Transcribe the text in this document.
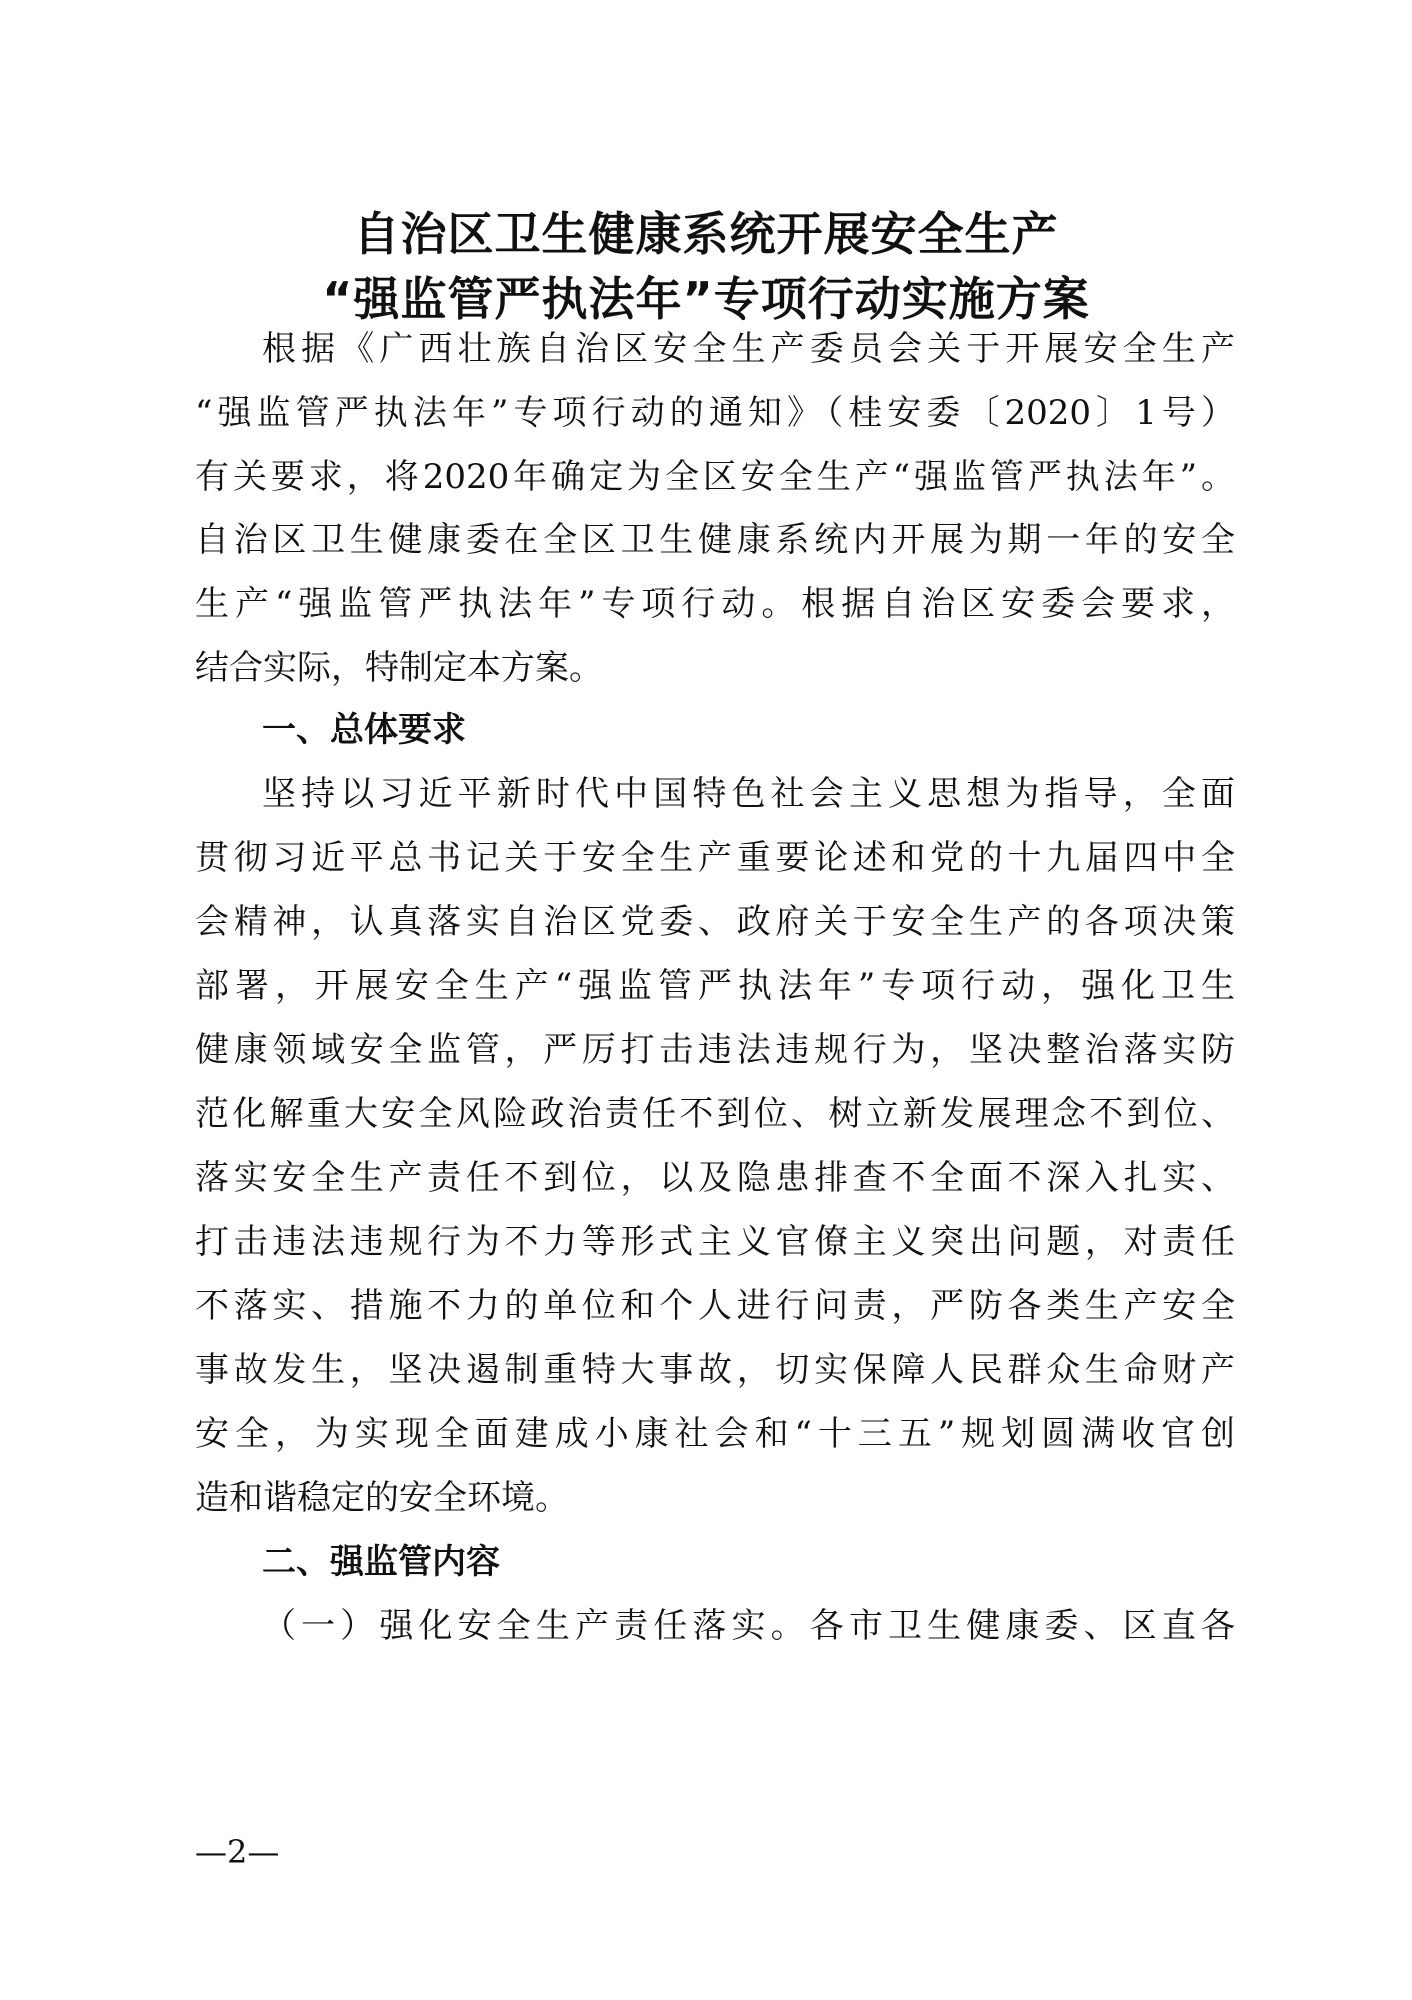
自治区卫生健康系统开展安全生产
“强监管严执法年”专项行动实施方案

根据《广西壮族自治区安全生产委员会关于开展安全生产

“强监管严执法年”专项行动的通知》（桂安委〔2020〕1号）

有关要求，将2020年确定为全区安全生产“强监管严执法年”。

自治区卫生健康委在全区卫生健康系统内开展为期一年的安全

生产“强监管严执法年”专项行动。根据自治区安委会要求，

结合实际，特制定本方案。

一、总体要求

坚持以习近平新时代中国特色社会主义思想为指导，全面

贯彻习近平总书记关于安全生产重要论述和党的十九届四中全

会精神，认真落实自治区党委、政府关于安全生产的各项决策

部署，开展安全生产“强监管严执法年”专项行动，强化卫生

健康领域安全监管，严厉打击违法违规行为，坚决整治落实防

范化解重大安全风险政治责任不到位、树立新发展理念不到位、

落实安全生产责任不到位，以及隐患排查不全面不深入扎实、

打击违法违规行为不力等形式主义官僚主义突出问题，对责任

不落实、措施不力的单位和个人进行问责，严防各类生产安全

事故发生，坚决遏制重特大事故，切实保障人民群众生命财产

安全，为实现全面建成小康社会和“十三五”规划圆满收官创

造和谐稳定的安全环境。

二、强监管内容

（一）强化安全生产责任落实。各市卫生健康委、区直各

—2—
